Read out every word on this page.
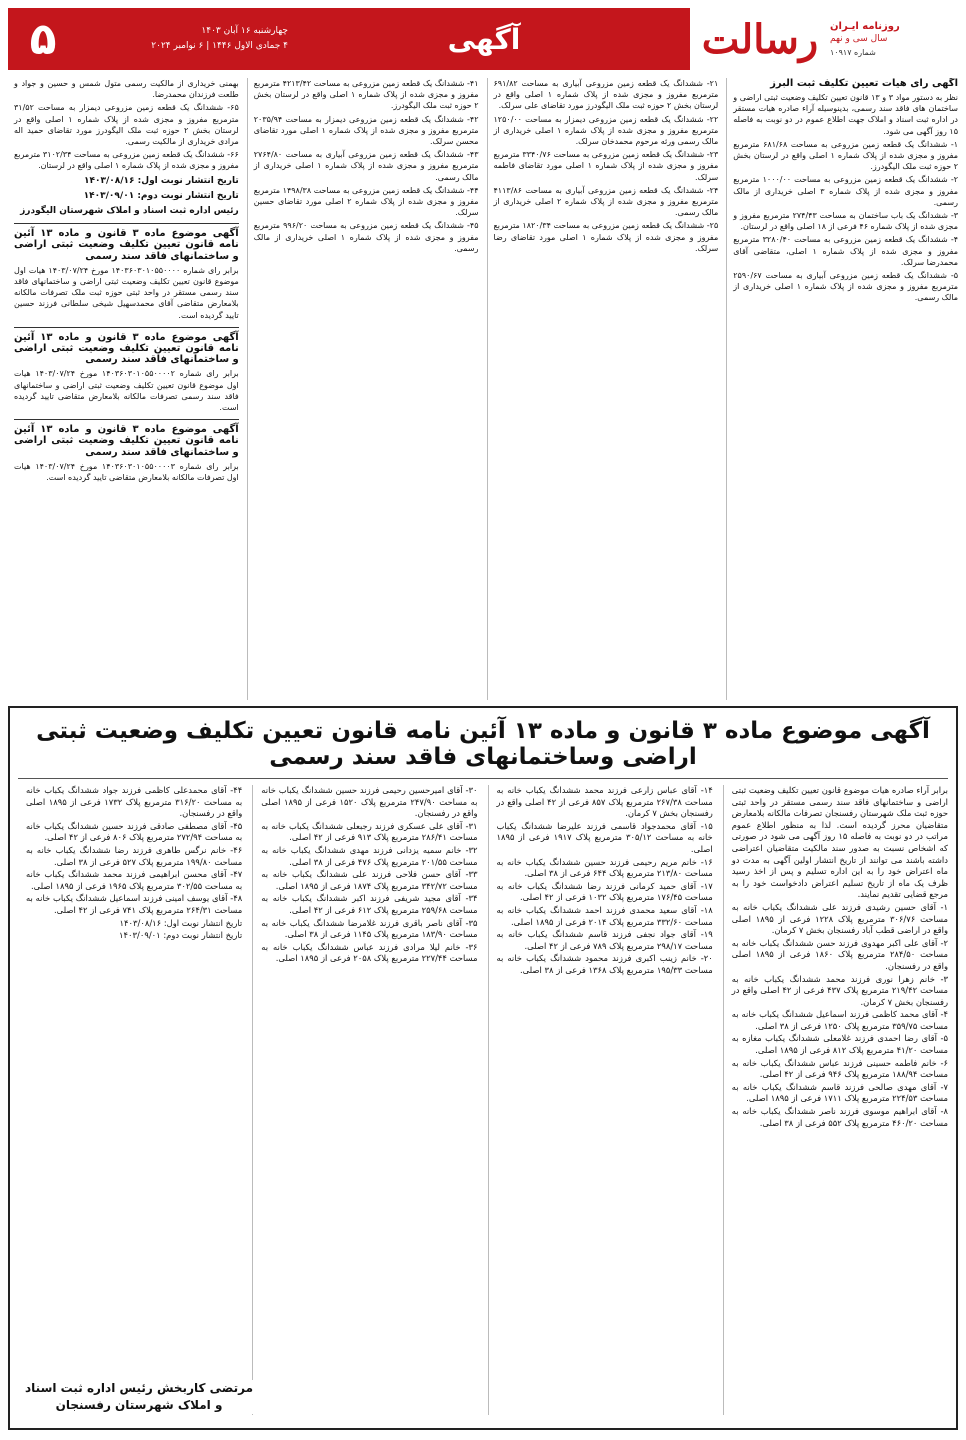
روزنامه ایـران
سال سی و نهم
شماره ۱۰۹۱۷
رسالت
آگهی
چهارشنبه ۱۶ آبان ۱۴۰۳
۴ جمادی الاول ۱۴۴۶ | ۶ نوامبر ۲۰۲۴
۵
آگهی رای هیات تعیین تکلیف ثبت البرز

نظر به دستور مواد ۳ و ۱۳ قانون تعیین تکلیف وضعیت ثبتی اراضی و ساختمان های فاقد سند رسمی، بدینوسیله آراء صادره هیات مستقر در اداره ثبت اسناد و املاک جهت اطلاع عموم در دو نوبت به فاصله ۱۵ روز آگهی می شود.

۱- ششدانگ یک قطعه زمین مزروعی به مساحت ۶۸۱/۶۸ مترمربع مفروز و مجزی شده از پلاک شماره ۱ اصلی واقع در لرستان بخش ۲ حوزه ثبت ملک الیگودرز.

۲- ششدانگ یک قطعه زمین مزروعی به مساحت ۱۰۰۰/۰۰ مترمربع مفروز و مجزی شده از پلاک شماره ۳ اصلی خریداری از مالک رسمی.

۳- ششدانگ یک باب ساختمان به مساحت ۲۷۴/۴۳ مترمربع مفروز و مجزی شده از پلاک شماره ۴۶ فرعی از ۱۸ اصلی واقع در لرستان.

۴- ششدانگ یک قطعه زمین مزروعی به مساحت ۳۲۸۰/۴۰ مترمربع مفروز و مجزی شده از پلاک شماره ۱ اصلی، متقاضی آقای محمدرضا سرلک.

۵- ششدانگ یک قطعه زمین مزروعی آبیاری به مساحت ۲۵۹۰/۶۷ مترمربع مفروز و مجزی شده از پلاک شماره ۱ اصلی خریداری از مالک رسمی.

۲۱- ششدانگ یک قطعه زمین مزروعی آبیاری به مساحت ۶۹۱/۸۲ مترمربع مفروز و مجزی شده از پلاک شماره ۱ اصلی واقع در لرستان بخش ۲ حوزه ثبت ملک الیگودرز مورد تقاضای علی سرلک.

۲۲- ششدانگ یک قطعه زمین مزروعی دیمزار به مساحت ۱۲۵۰/۰۰ مترمربع مفروز و مجزی شده از پلاک شماره ۱ اصلی خریداری از مالک رسمی ورثه مرحوم محمدخان سرلک.

۲۳- ششدانگ یک قطعه زمین مزروعی به مساحت ۳۳۴۰/۷۶ مترمربع مفروز و مجزی شده از پلاک شماره ۱ اصلی مورد تقاضای فاطمه سرلک.

۲۴- ششدانگ یک قطعه زمین مزروعی آبیاری به مساحت ۴۱۱۳/۸۶ مترمربع مفروز و مجزی شده از پلاک شماره ۲ اصلی خریداری از مالک رسمی.

۲۵- ششدانگ یک قطعه زمین مزروعی به مساحت ۱۸۲۰/۳۴ مترمربع مفروز و مجزی شده از پلاک شماره ۱ اصلی مورد تقاضای رضا سرلک.

۴۱- ششدانگ یک قطعه زمین مزروعی به مساحت ۴۲۱۳/۴۲ مترمربع مفروز و مجزی شده از پلاک شماره ۱ اصلی واقع در لرستان بخش ۲ حوزه ثبت ملک الیگودرز.

۴۲- ششدانگ یک قطعه زمین مزروعی دیمزار به مساحت ۲۰۳۵/۹۴ مترمربع مفروز و مجزی شده از پلاک شماره ۱ اصلی مورد تقاضای محسن سرلک.

۴۳- ششدانگ یک قطعه زمین مزروعی آبیاری به مساحت ۲۷۶۴/۸۰ مترمربع مفروز و مجزی شده از پلاک شماره ۱ اصلی خریداری از مالک رسمی.

۴۴- ششدانگ یک قطعه زمین مزروعی به مساحت ۱۴۹۸/۳۸ مترمربع مفروز و مجزی شده از پلاک شماره ۲ اصلی مورد تقاضای حسین سرلک.

۴۵- ششدانگ یک قطعه زمین مزروعی به مساحت ۹۹۶/۲۰ مترمربع مفروز و مجزی شده از پلاک شماره ۱ اصلی خریداری از مالک رسمی.

بهمنی خریداری از مالکیت رسمی متول شمس و حسین و جواد و طلعت فرزندان محمدرضا.

۶۵- ششدانگ یک قطعه زمین مزروعی دیمزار به مساحت ۳۱/۵۲ مترمربع مفروز و مجزی شده از پلاک شماره ۱ اصلی واقع در لرستان بخش ۲ حوزه ثبت ملک الیگودرز مورد تقاضای حمید اله مرادی خریداری از مالکیت رسمی.

۶۶- ششدانگ یک قطعه زمین مزروعی به مساحت ۳۱۰۲/۳۴ مترمربع مفروز و مجزی شده از پلاک شماره ۱ اصلی واقع در لرستان.

تاریخ انتشار نوبت اول: ۱۴۰۳/۰۸/۱۶
تاریخ انتشار نوبت دوم: ۱۴۰۳/۰۹/۰۱
رئیس اداره ثبت اسناد و املاک شهرستان الیگودرز
آگهی موضوع ماده ۳ قانون و ماده ۱۳ آئین نامه قانون تعیین تکلیف وضعیت ثبتی اراضی و ساختمانهای فاقد سند رسمی

برابر رای شماره ۱۴۰۳۶۰۳۰۱۰۵۵۰۰۰۰ مورخ ۱۴۰۳/۰۷/۲۴ هیات اول موضوع قانون تعیین تکلیف وضعیت ثبتی اراضی و ساختمانهای فاقد سند رسمی مستقر در واحد ثبتی حوزه ثبت ملک تصرفات مالکانه بلامعارض متقاضی آقای محمدسهیل شیخی سلطانی فرزند حسین تایید گردیده است.

آگهی موضوع ماده ۳ قانون و ماده ۱۳ آئین نامه قانون تعیین تکلیف وضعیت ثبتی اراضی و ساختمانهای فاقد سند رسمی

برابر رای شماره ۱۴۰۳۶۰۳۰۱۰۵۵۰۰۰۰۲ مورخ ۱۴۰۳/۰۷/۲۴ هیات اول موضوع قانون تعیین تکلیف وضعیت ثبتی اراضی و ساختمانهای فاقد سند رسمی تصرفات مالکانه بلامعارض متقاضی تایید گردیده است.

آگهی موضوع ماده ۳ قانون و ماده ۱۳ آئین نامه قانون تعیین تکلیف وضعیت ثبتی اراضی و ساختمانهای فاقد سند رسمی

برابر رای شماره ۱۴۰۳۶۰۳۰۱۰۵۵۰۰۰۰۳ مورخ ۱۴۰۳/۰۷/۲۴ هیات اول تصرفات مالکانه بلامعارض متقاضی تایید گردیده است.

آگهی موضوع ماده ۳ قانون و ماده ۱۳ آئین نامه قانون تعیین تکلیف وضعیت ثبتی اراضی وساختمانهای فاقد سند رسمی

برابر آراء صادره هیات موضوع قانون تعیین تکلیف وضعیت ثبتی اراضی و ساختمانهای فاقد سند رسمی مستقر در واحد ثبتی حوزه ثبت ملک شهرستان رفسنجان تصرفات مالکانه بلامعارض متقاضیان محرز گردیده است. لذا به منظور اطلاع عموم مراتب در دو نوبت به فاصله ۱۵ روز آگهی می شود در صورتی که اشخاص نسبت به صدور سند مالکیت متقاضیان اعتراضی داشته باشند می توانند از تاریخ انتشار اولین آگهی به مدت دو ماه اعتراض خود را به این اداره تسلیم و پس از اخذ رسید ظرف یک ماه از تاریخ تسلیم اعتراض دادخواست خود را به مرجع قضایی تقدیم نمایند.

۱- آقای حسین رشیدی فرزند علی ششدانگ یکباب خانه به مساحت ۳۰۶/۷۶ مترمربع پلاک ۱۲۲۸ فرعی از ۱۸۹۵ اصلی واقع در اراضی قطب آباد رفسنجان بخش ۷ کرمان.

۲- آقای علی اکبر مهدوی فرزند حسن ششدانگ یکباب خانه به مساحت ۲۸۴/۵۰ مترمربع پلاک ۱۸۶۰ فرعی از ۱۸۹۵ اصلی واقع در رفسنجان.

۳- خانم زهرا نوری فرزند محمد ششدانگ یکباب خانه به مساحت ۲۱۹/۴۲ مترمربع پلاک ۴۳۷ فرعی از ۴۲ اصلی واقع در رفسنجان بخش ۷ کرمان.

۴- آقای محمد کاظمی فرزند اسماعیل ششدانگ یکباب خانه به مساحت ۳۵۹/۷۵ مترمربع پلاک ۱۲۵۰ فرعی از ۳۸ اصلی.

۵- آقای رضا احمدی فرزند غلامعلی ششدانگ یکباب مغازه به مساحت ۴۱/۲۰ مترمربع پلاک ۸۱۲ فرعی از ۱۸۹۵ اصلی.

۶- خانم فاطمه حسینی فرزند عباس ششدانگ یکباب خانه به مساحت ۱۸۸/۹۴ مترمربع پلاک ۹۴۶ فرعی از ۴۲ اصلی.

۷- آقای مهدی صالحی فرزند قاسم ششدانگ یکباب خانه به مساحت ۲۲۴/۵۳ مترمربع پلاک ۱۷۱۱ فرعی از ۱۸۹۵ اصلی.

۸- آقای ابراهیم موسوی فرزند ناصر ششدانگ یکباب خانه به مساحت ۴۶۰/۲۰ مترمربع پلاک ۵۵۲ فرعی از ۳۸ اصلی.

۱۴- آقای عباس زارعی فرزند محمد ششدانگ یکباب خانه به مساحت ۲۶۷/۳۸ مترمربع پلاک ۸۵۷ فرعی از ۴۲ اصلی واقع در رفسنجان بخش ۷ کرمان.

۱۵- آقای محمدجواد قاسمی فرزند علیرضا ششدانگ یکباب خانه به مساحت ۳۰۵/۱۲ مترمربع پلاک ۱۹۱۷ فرعی از ۱۸۹۵ اصلی.

۱۶- خانم مریم رحیمی فرزند حسین ششدانگ یکباب خانه به مساحت ۲۱۳/۸۰ مترمربع پلاک ۶۴۴ فرعی از ۳۸ اصلی.

۱۷- آقای حمید کرمانی فرزند رضا ششدانگ یکباب خانه به مساحت ۱۷۶/۴۵ مترمربع پلاک ۱۰۳۲ فرعی از ۴۲ اصلی.

۱۸- آقای سعید محمدی فرزند احمد ششدانگ یکباب خانه به مساحت ۳۳۲/۶۰ مترمربع پلاک ۲۰۱۴ فرعی از ۱۸۹۵ اصلی.

۱۹- آقای جواد نجفی فرزند قاسم ششدانگ یکباب خانه به مساحت ۲۹۸/۱۷ مترمربع پلاک ۷۸۹ فرعی از ۴۲ اصلی.

۲۰- خانم زینب اکبری فرزند محمود ششدانگ یکباب خانه به مساحت ۱۹۵/۳۳ مترمربع پلاک ۱۳۶۸ فرعی از ۳۸ اصلی.

۳۰- آقای امیرحسین رحیمی فرزند حسین ششدانگ یکباب خانه به مساحت ۲۴۷/۹۰ مترمربع پلاک ۱۵۲۰ فرعی از ۱۸۹۵ اصلی واقع در رفسنجان.

۳۱- آقای علی عسکری فرزند رجبعلی ششدانگ یکباب خانه به مساحت ۲۸۶/۴۱ مترمربع پلاک ۹۱۳ فرعی از ۴۲ اصلی.

۳۲- خانم سمیه یزدانی فرزند مهدی ششدانگ یکباب خانه به مساحت ۲۰۱/۵۵ مترمربع پلاک ۴۷۶ فرعی از ۳۸ اصلی.

۳۳- آقای حسن فلاحی فرزند علی ششدانگ یکباب خانه به مساحت ۳۴۲/۷۲ مترمربع پلاک ۱۸۷۴ فرعی از ۱۸۹۵ اصلی.

۳۴- آقای مجید شریفی فرزند اکبر ششدانگ یکباب خانه به مساحت ۲۵۹/۶۸ مترمربع پلاک ۶۱۲ فرعی از ۴۲ اصلی.

۳۵- آقای ناصر باقری فرزند غلامرضا ششدانگ یکباب خانه به مساحت ۱۸۳/۹۰ مترمربع پلاک ۱۱۴۵ فرعی از ۳۸ اصلی.

۳۶- خانم لیلا مرادی فرزند عباس ششدانگ یکباب خانه به مساحت ۲۲۷/۴۴ مترمربع پلاک ۲۰۵۸ فرعی از ۱۸۹۵ اصلی.

۴۴- آقای محمدعلی کاظمی فرزند جواد ششدانگ یکباب خانه به مساحت ۳۱۶/۲۰ مترمربع پلاک ۱۷۳۲ فرعی از ۱۸۹۵ اصلی واقع در رفسنجان.

۴۵- آقای مصطفی صادقی فرزند حسین ششدانگ یکباب خانه به مساحت ۲۷۲/۹۴ مترمربع پلاک ۸۰۶ فرعی از ۴۲ اصلی.

۴۶- خانم نرگس طاهری فرزند رضا ششدانگ یکباب خانه به مساحت ۱۹۹/۸۰ مترمربع پلاک ۵۲۷ فرعی از ۳۸ اصلی.

۴۷- آقای محسن ابراهیمی فرزند محمد ششدانگ یکباب خانه به مساحت ۳۰۲/۵۵ مترمربع پلاک ۱۹۶۵ فرعی از ۱۸۹۵ اصلی.

۴۸- آقای یوسف امینی فرزند اسماعیل ششدانگ یکباب خانه به مساحت ۲۶۴/۳۱ مترمربع پلاک ۷۴۱ فرعی از ۴۲ اصلی.

تاریخ انتشار نوبت اول: ۱۴۰۳/۰۸/۱۶

تاریخ انتشار نوبت دوم: ۱۴۰۳/۰۹/۰۱

مرتضی کاربخش رئیس اداره ثبت اسناد و املاک شهرستان رفسنجان
